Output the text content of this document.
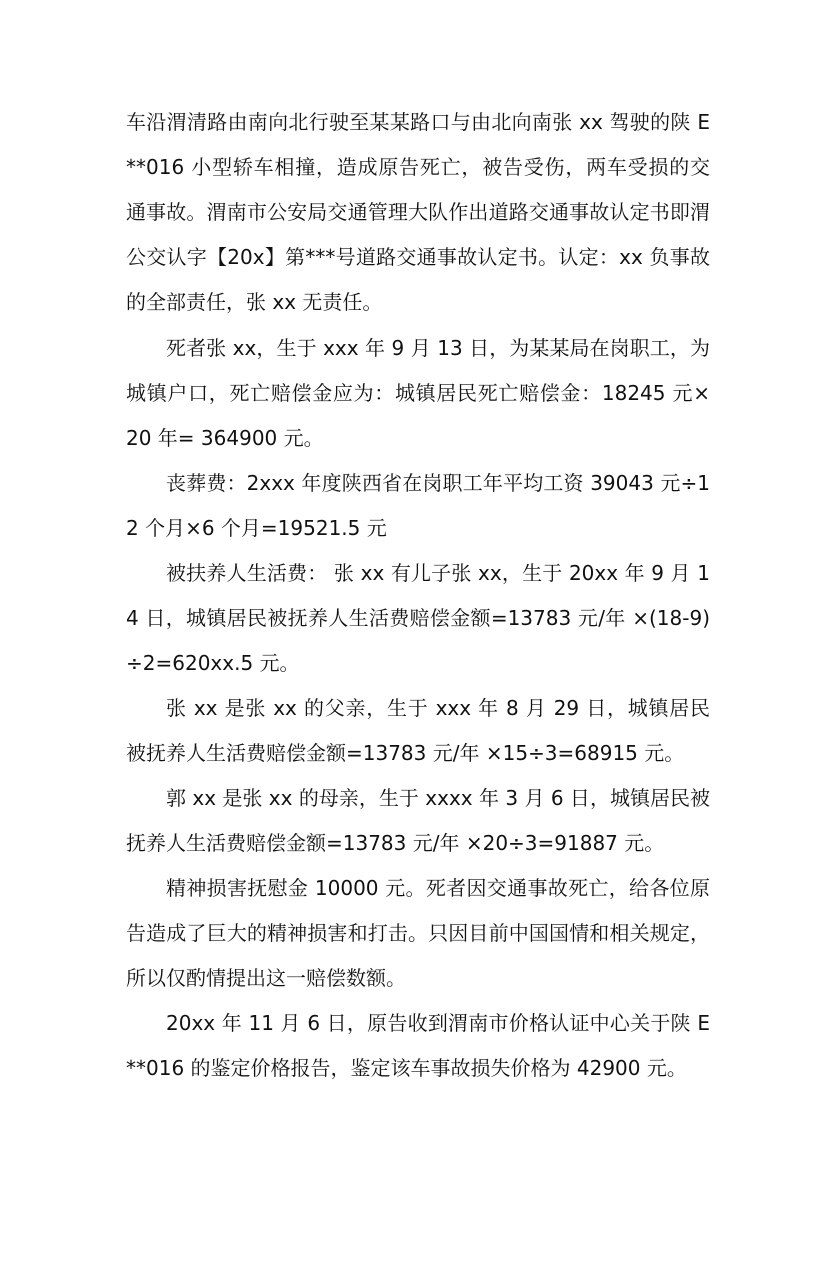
车沿渭清路由南向北行驶至某某路口与由北向南张 xx 驾驶的陕 E**016 小型轿车相撞，造成原告死亡，被告受伤，两车受损的交通事故。渭南市公安局交通管理大队作出道路交通事故认定书即渭公交认字【20x】第***号道路交通事故认定书。认定：xx 负事故的全部责任，张 xx 无责任。

死者张 xx，生于 xxx 年 9 月 13 日，为某某局在岗职工，为城镇户口，死亡赔偿金应为：城镇居民死亡赔偿金：18245 元× 20 年= 364900 元。

丧葬费：2xxx 年度陕西省在岗职工年平均工资 39043 元÷12 个月×6 个月=19521.5 元

被扶养人生活费： 张 xx 有儿子张 xx，生于 20xx 年 9 月 14 日，城镇居民被抚养人生活费赔偿金额=13783 元/年 ×(18-9)÷2=620xx.5 元。

张 xx 是张 xx 的父亲，生于 xxx 年 8 月 29 日，城镇居民被抚养人生活费赔偿金额=13783 元/年 ×15÷3=68915 元。

郭 xx 是张 xx 的母亲，生于 xxxx 年 3 月 6 日，城镇居民被抚养人生活费赔偿金额=13783 元/年 ×20÷3=91887 元。

精神损害抚慰金 10000 元。死者因交通事故死亡，给各位原告造成了巨大的精神损害和打击。只因目前中国国情和相关规定，所以仅酌情提出这一赔偿数额。

20xx 年 11 月 6 日，原告收到渭南市价格认证中心关于陕 E**016 的鉴定价格报告，鉴定该车事故损失价格为 42900 元。
